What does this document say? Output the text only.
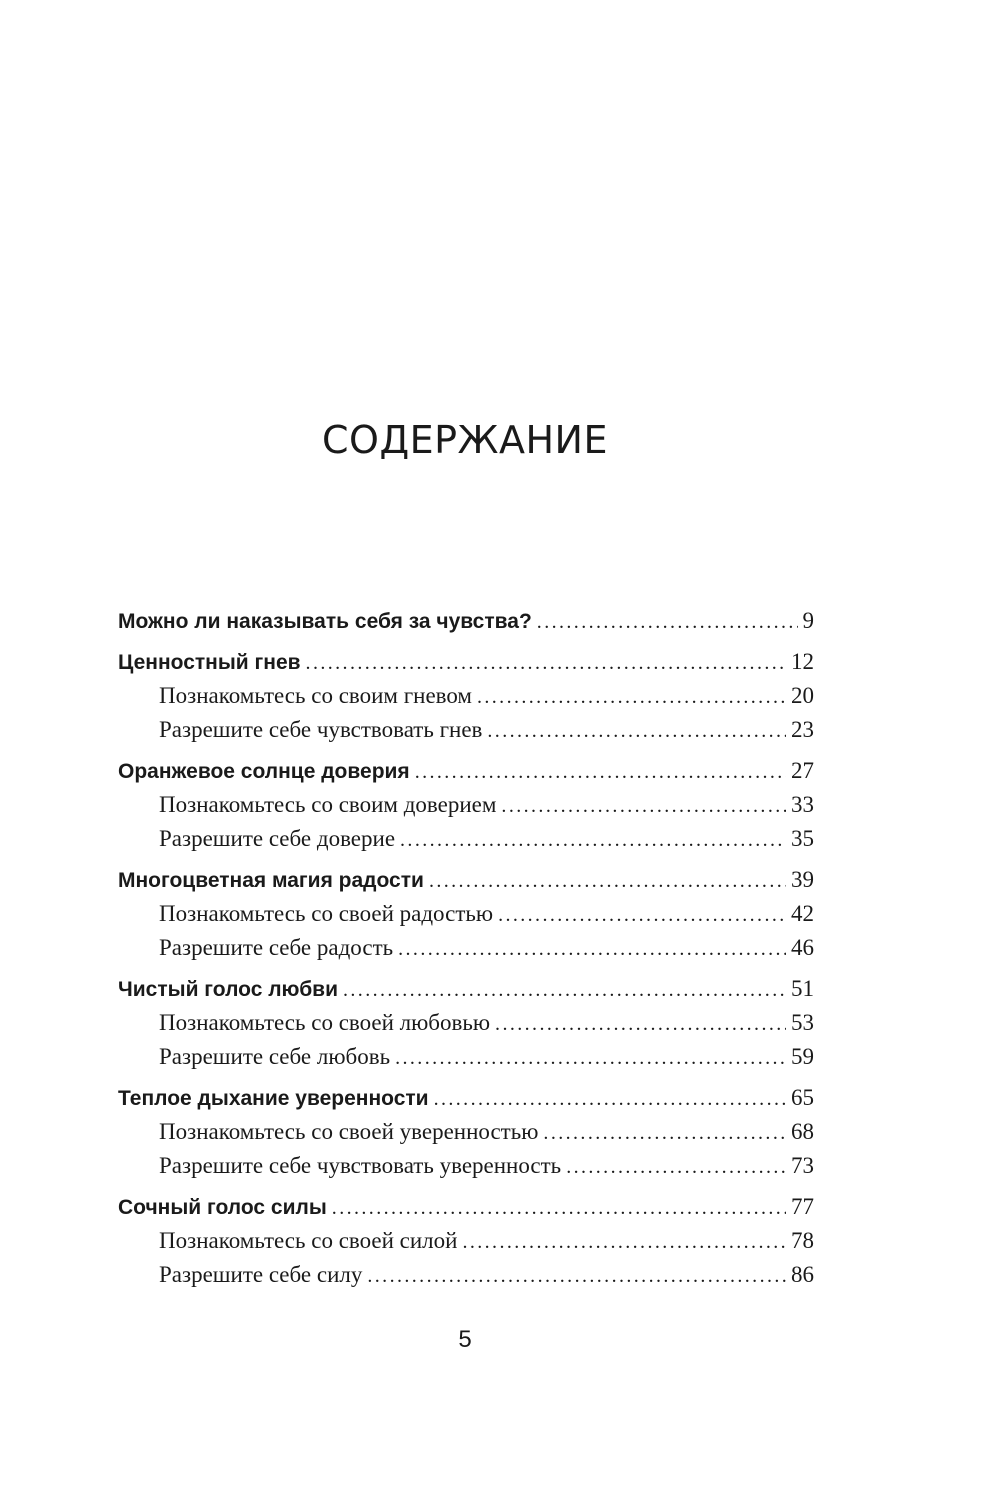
СОДЕРЖАНИЕ
Можно ли наказывать себя за чувства? .....	9
Ценностный гнев .....	12
Познакомьтесь со своим гневом .....	20
Разрешите себе чувствовать гнев .....	23
Оранжевое солнце доверия .....	27
Познакомьтесь со своим доверием .....	33
Разрешите себе доверие .....	35
Многоцветная магия радости .....	39
Познакомьтесь со своей радостью .....	42
Разрешите себе радость .....	46
Чистый голос любви .....	51
Познакомьтесь со своей любовью .....	53
Разрешите себе любовь .....	59
Теплое дыхание уверенности .....	65
Познакомьтесь со своей уверенностью .....	68
Разрешите себе чувствовать уверенность .....	73
Сочный голос силы .....	77
Познакомьтесь со своей силой .....	78
Разрешите себе силу .....	86
5
